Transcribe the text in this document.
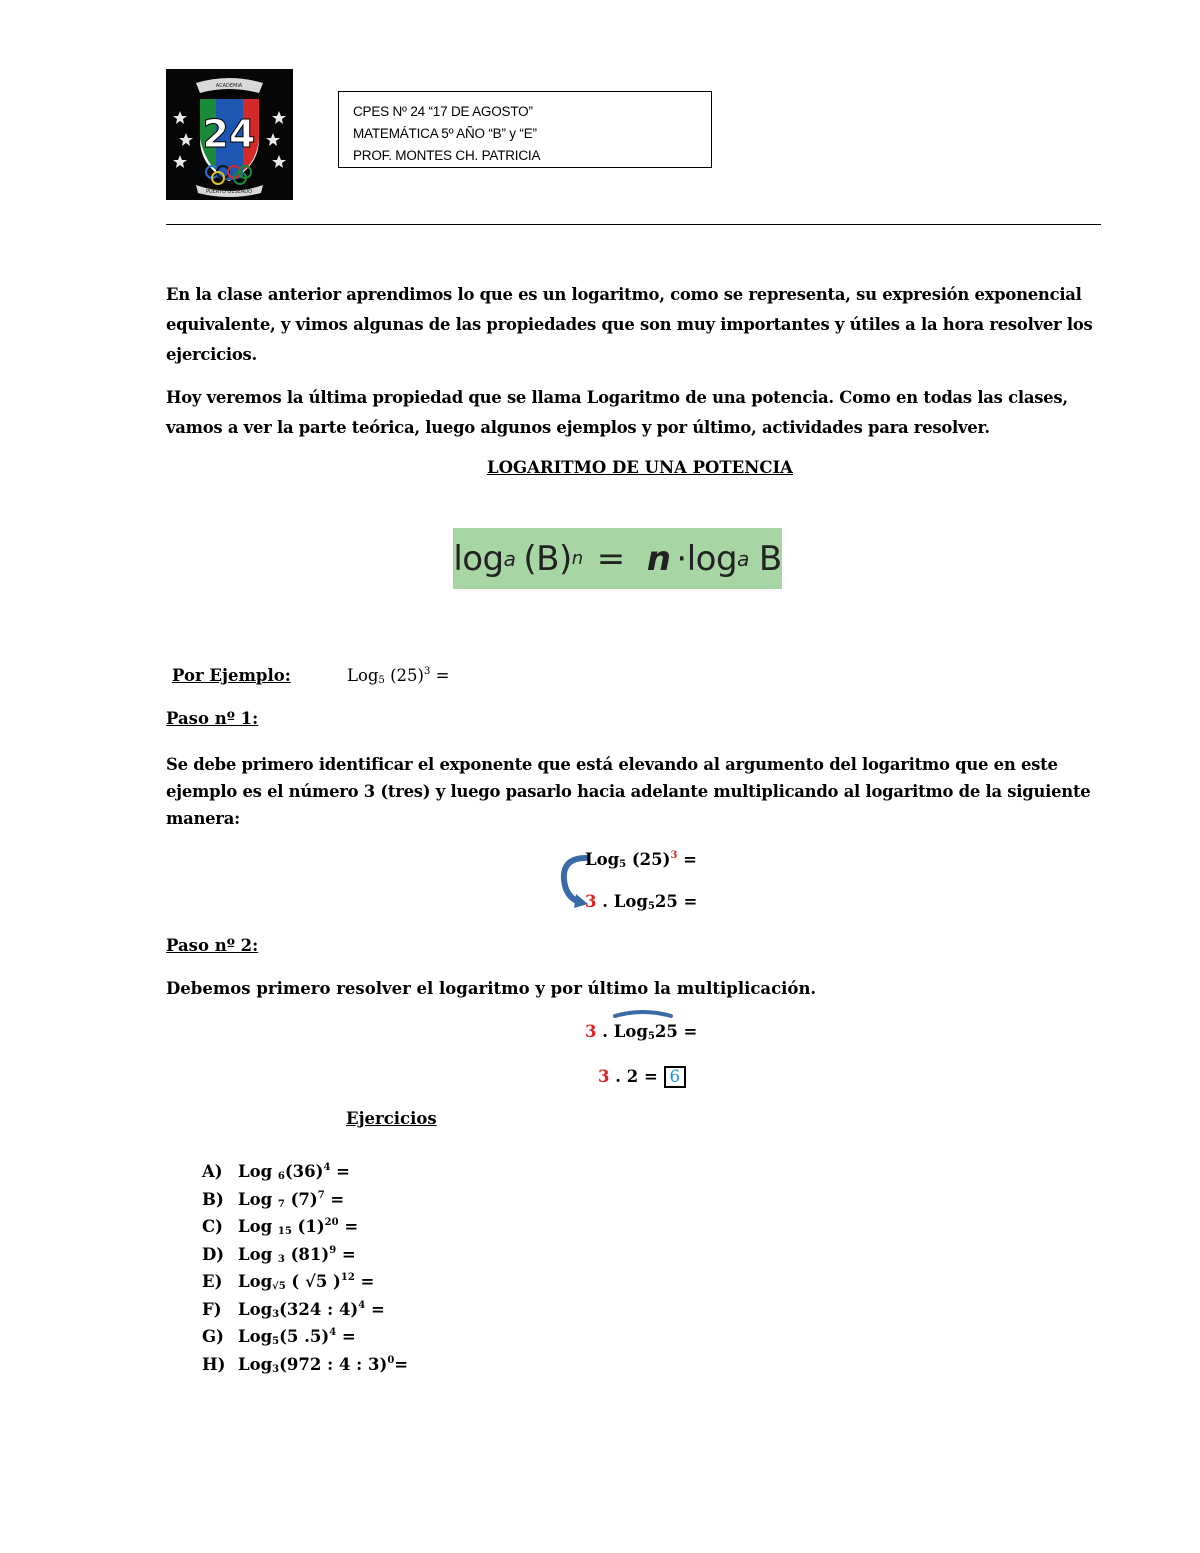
ACADEMIA
24
PUERTO DESEADO
CPES Nº 24 “17 DE AGOSTO”
MATEMÁTICA 5º AÑO “B” y “E”
PROF. MONTES CH. PATRICIA
En la clase anterior aprendimos lo que es un logaritmo, como se representa, su expresión exponencial equivalente, y vimos algunas de las propiedades que son muy importantes y útiles a la hora resolver los ejercicios.
Hoy veremos la última propiedad que se llama Logaritmo de una potencia. Como en todas las clases, vamos a ver la parte teórica, luego algunos ejemplos y por último, actividades para resolver.
LOGARITMO DE UNA POTENCIA
log a (B) n = n · log a B
Por Ejemplo:	Log5 $(25)^3$ =
Paso nº 1:
Se debe primero identificar el exponente que está elevando al argumento del logaritmo que en este ejemplo es el número 3 (tres) y luego pasarlo hacia adelante multiplicando al logaritmo de la siguiente manera:
Log5 $(25)^3$ =
3 . Log525 =
Paso nº 2:
Debemos primero resolver el logaritmo y por último la multiplicación.
3 . Log525 =
3 . 2 = 6
Ejercicios
A) Log $6(36)^4$ =
B) Log 7 $(7)^7$ =
C) Log 15 $(1)^{20}$ =
D) Log 3 $(81)^9$ =
E) Log√5 ( √5 )$^{12}$ =
F) Log3(324 : 4)$^4$ =
G) Log5(5 .5)$^4$ =
H) Log3(972 : 4 : 3)$^0$=
